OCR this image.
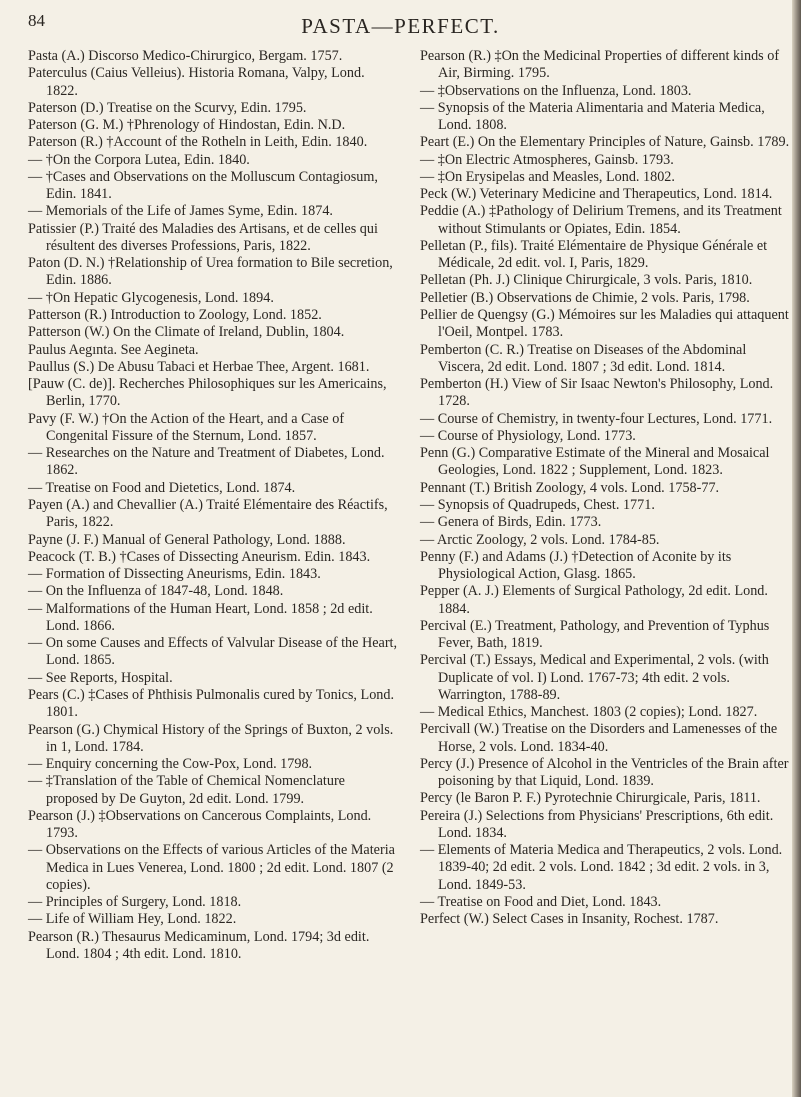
84	PASTA—PERFECT.

Pasta (A.) Discorso Medico-Chirurgico, Bergam. 1757.

Paterculus (Caius Velleius). Historia Romana, Valpy, Lond. 1822.

Paterson (D.) Treatise on the Scurvy, Edin. 1795.

Paterson (G. M.) †Phrenology of Hindostan, Edin. N.D.

Paterson (R.) †Account of the Rotheln in Leith, Edin. 1840.

— †On the Corpora Lutea, Edin. 1840.

— †Cases and Observations on the Molluscum Contagiosum, Edin. 1841.

— Memorials of the Life of James Syme, Edin. 1874.

Patissier (P.) Traité des Maladies des Artisans, et de celles qui résultent des diverses Professions, Paris, 1822.

Paton (D. N.) †Relationship of Urea formation to Bile secretion, Edin. 1886.

— †On Hepatic Glycogenesis, Lond. 1894.

Patterson (R.) Introduction to Zoology, Lond. 1852.

Patterson (W.) On the Climate of Ireland, Dublin, 1804.

Paulus Aegınta. See Aegineta.

Paullus (S.) De Abusu Tabaci et Herbae Thee, Argent. 1681.

[Pauw (C. de)]. Recherches Philosophiques sur les Americains, Berlin, 1770.

Pavy (F. W.) †On the Action of the Heart, and a Case of Congenital Fissure of the Sternum, Lond. 1857.

— Researches on the Nature and Treatment of Diabetes, Lond. 1862.

— Treatise on Food and Dietetics, Lond. 1874.

Payen (A.) and Chevallier (A.) Traité Elémentaire des Réactifs, Paris, 1822.

Payne (J. F.) Manual of General Pathology, Lond. 1888.

Peacock (T. B.) †Cases of Dissecting Aneurism. Edin. 1843.

— Formation of Dissecting Aneurisms, Edin. 1843.

— On the Influenza of 1847-48, Lond. 1848.

— Malformations of the Human Heart, Lond. 1858 ; 2d edit. Lond. 1866.

— On some Causes and Effects of Valvular Disease of the Heart, Lond. 1865.

— See Reports, Hospital.

Pears (C.) ‡Cases of Phthisis Pulmonalis cured by Tonics, Lond. 1801.

Pearson (G.) Chymical History of the Springs of Buxton, 2 vols. in 1, Lond. 1784.

— Enquiry concerning the Cow-Pox, Lond. 1798.

— ‡Translation of the Table of Chemical Nomenclature proposed by De Guyton, 2d edit. Lond. 1799.

Pearson (J.) ‡Observations on Cancerous Complaints, Lond. 1793.

— Observations on the Effects of various Articles of the Materia Medica in Lues Venerea, Lond. 1800 ; 2d edit. Lond. 1807 (2 copies).

— Principles of Surgery, Lond. 1818.

— Life of William Hey, Lond. 1822.

Pearson (R.) Thesaurus Medicaminum, Lond. 1794; 3d edit. Lond. 1804 ; 4th edit. Lond. 1810.

Pearson (R.) ‡On the Medicinal Properties of different kinds of Air, Birming. 1795.

— ‡Observations on the Influenza, Lond. 1803.

— Synopsis of the Materia Alimentaria and Materia Medica, Lond. 1808.

Peart (E.) On the Elementary Principles of Nature, Gainsb. 1789.

— ‡On Electric Atmospheres, Gainsb. 1793.

— ‡On Erysipelas and Measles, Lond. 1802.

Peck (W.) Veterinary Medicine and Therapeutics, Lond. 1814.

Peddie (A.) ‡Pathology of Delirium Tremens, and its Treatment without Stimulants or Opiates, Edin. 1854.

Pelletan (P., fils). Traité Elémentaire de Physique Générale et Médicale, 2d edit. vol. I, Paris, 1829.

Pelletan (Ph. J.) Clinique Chirurgicale, 3 vols. Paris, 1810.

Pelletier (B.) Observations de Chimie, 2 vols. Paris, 1798.

Pellier de Quengsy (G.) Mémoires sur les Maladies qui attaquent l'Oeil, Montpel. 1783.

Pemberton (C. R.) Treatise on Diseases of the Abdominal Viscera, 2d edit. Lond. 1807 ; 3d edit. Lond. 1814.

Pemberton (H.) View of Sir Isaac Newton's Philosophy, Lond. 1728.

— Course of Chemistry, in twenty-four Lectures, Lond. 1771.

— Course of Physiology, Lond. 1773.

Penn (G.) Comparative Estimate of the Mineral and Mosaical Geologies, Lond. 1822 ; Supplement, Lond. 1823.

Pennant (T.) British Zoology, 4 vols. Lond. 1758-77.

— Synopsis of Quadrupeds, Chest. 1771.

— Genera of Birds, Edin. 1773.

— Arctic Zoology, 2 vols. Lond. 1784-85.

Penny (F.) and Adams (J.) †Detection of Aconite by its Physiological Action, Glasg. 1865.

Pepper (A. J.) Elements of Surgical Pathology, 2d edit. Lond. 1884.

Percival (E.) Treatment, Pathology, and Prevention of Typhus Fever, Bath, 1819.

Percival (T.) Essays, Medical and Experimental, 2 vols. (with Duplicate of vol. I) Lond. 1767-73; 4th edit. 2 vols. Warrington, 1788-89.

— Medical Ethics, Manchest. 1803 (2 copies); Lond. 1827.

Percivall (W.) Treatise on the Disorders and Lamenesses of the Horse, 2 vols. Lond. 1834-40.

Percy (J.) Presence of Alcohol in the Ventricles of the Brain after poisoning by that Liquid, Lond. 1839.

Percy (le Baron P. F.) Pyrotechnie Chirurgicale, Paris, 1811.

Pereira (J.) Selections from Physicians' Prescriptions, 6th edit. Lond. 1834.

— Elements of Materia Medica and Therapeutics, 2 vols. Lond. 1839-40; 2d edit. 2 vols. Lond. 1842 ; 3d edit. 2 vols. in 3, Lond. 1849-53.

— Treatise on Food and Diet, Lond. 1843.

Perfect (W.) Select Cases in Insanity, Rochest. 1787.
